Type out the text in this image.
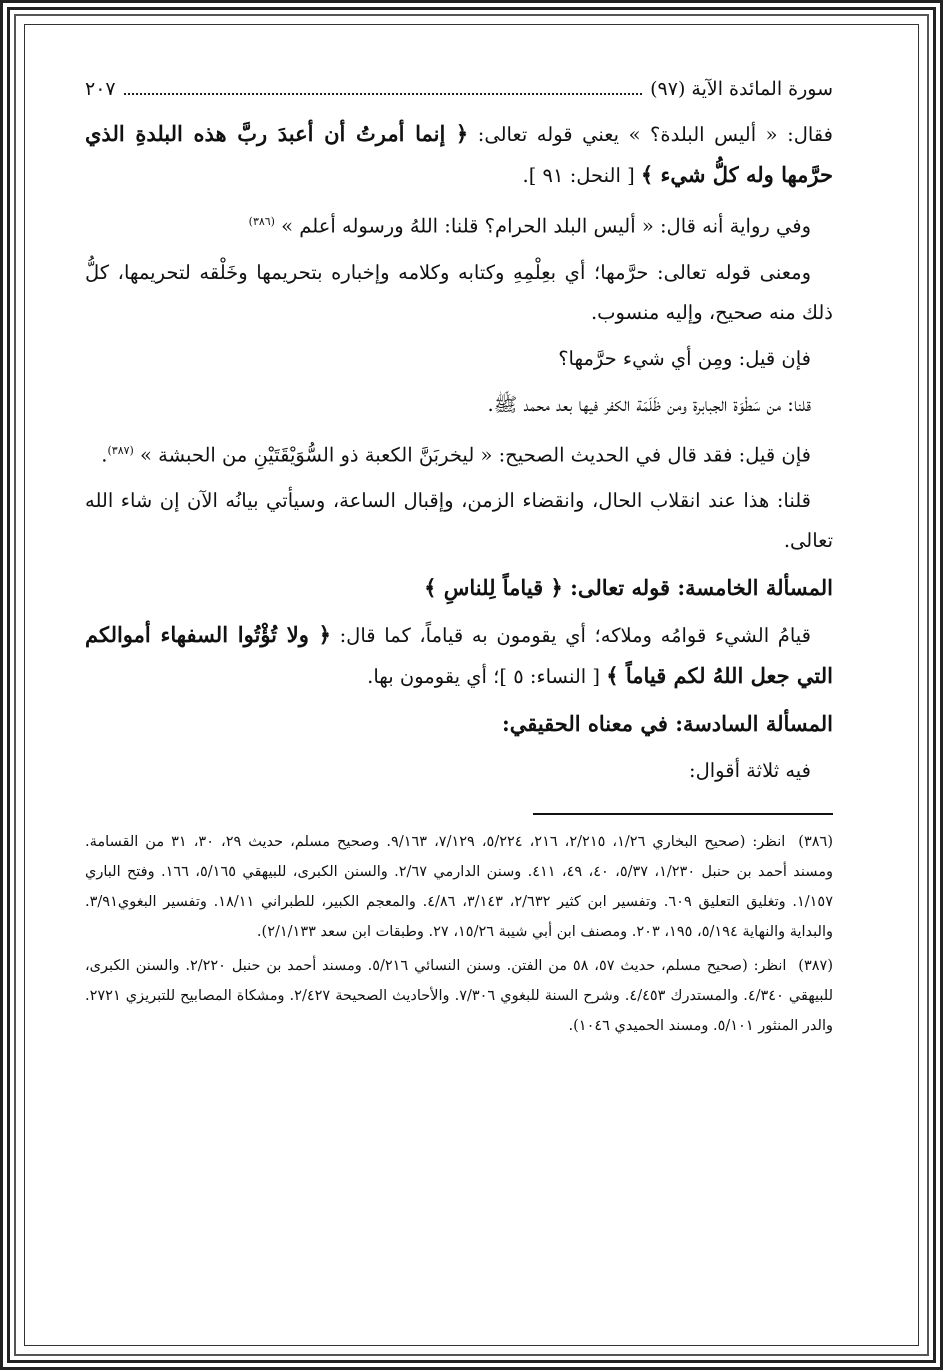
سورة المائدة الآية (٩٧)
٢٠٧

فقال: « أليس البلدة؟ » يعني قوله تعالى: ﴿ إنما أمرتُ أن أعبدَ ربَّ هذه البلدةِ الذي حرَّمها وله كلُّ شيء ﴾ [ النحل: ٩١ ].

وفي رواية أنه قال: « أليس البلد الحرام؟ قلنا: اللهُ ورسوله أعلم » $^{(٣٨٦)}$

ومعنى قوله تعالى: حرَّمها؛ أي بعِلْمِهِ وكتابه وكلامه وإخباره بتحريمها وخَلْقه لتحريمها، كلُّ ذلك منه صحيح، وإليه منسوب.

فإن قيل: ومِن أي شيء حرَّمها؟

قلنا: من سَطْوَة الجبابرة ومن ظَلَمَة الكفر فيها بعد محمد ﷺ.

فإن قيل: فقد قال في الحديث الصحيح: « ليخربَنَّ الكعبة ذو السُّوَيْقَتَيْنِ من الحبشة » $^{(٣٨٧)}$.

قلنا: هذا عند انقلاب الحال، وانقضاء الزمن، وإقبال الساعة، وسيأتي بيانُه الآن إن شاء الله تعالى.

المسألة الخامسة: قوله تعالى: ﴿ قياماً لِلناسِ ﴾

قيامُ الشيء قوامُه وملاكه؛ أي يقومون به قياماً، كما قال: ﴿ ولا تُؤْتُوا السفهاء أموالكم التي جعل اللهُ لكم قياماً ﴾ [ النساء: ٥ ]؛ أي يقومون بها.

المسألة السادسة: في معناه الحقيقي:

فيه ثلاثة أقوال:

(٣٨٦) انظر: (صحيح البخاري ١/٢٦، ٢/٢١٥، ٢١٦، ٥/٢٢٤، ٧/١٢٩، ٩/١٦٣. وصحيح مسلم، حديث ٢٩، ٣٠، ٣١ من القسامة. ومسند أحمد بن حنبل ١/٢٣٠، ٥/٣٧، ٤٠، ٤٩، ٤١١. وسنن الدارمي ٢/٦٧. والسنن الكبرى، للبيهقي ٥/١٦٥، ١٦٦. وفتح الباري ١/١٥٧. وتغليق التعليق ٦٠٩. وتفسير ابن كثير ٢/٦٣٢، ٣/١٤٣، ٤/٨٦. والمعجم الكبير، للطبراني ١٨/١١. وتفسير البغوي٣/٩١. والبداية والنهاية ٥/١٩٤، ١٩٥، ٢٠٣. ومصنف ابن أبي شيبة ١٥/٢٦، ٢٧. وطبقات ابن سعد ٢/١/١٣٣).
(٣٨٧) انظر: (صحيح مسلم، حديث ٥٧، ٥٨ من الفتن. وسنن النسائي ٥/٢١٦. ومسند أحمد بن حنبل ٢/٢٢٠. والسنن الكبرى، للبيهقي ٤/٣٤٠. والمستدرك ٤/٤٥٣. وشرح السنة للبغوي ٧/٣٠٦. والأحاديث الصحيحة ٢/٤٢٧. ومشكاة المصابيح للتبريزي ٢٧٢١. والدر المنثور ٥/١٠١. ومسند الحميدي ١٠٤٦).
